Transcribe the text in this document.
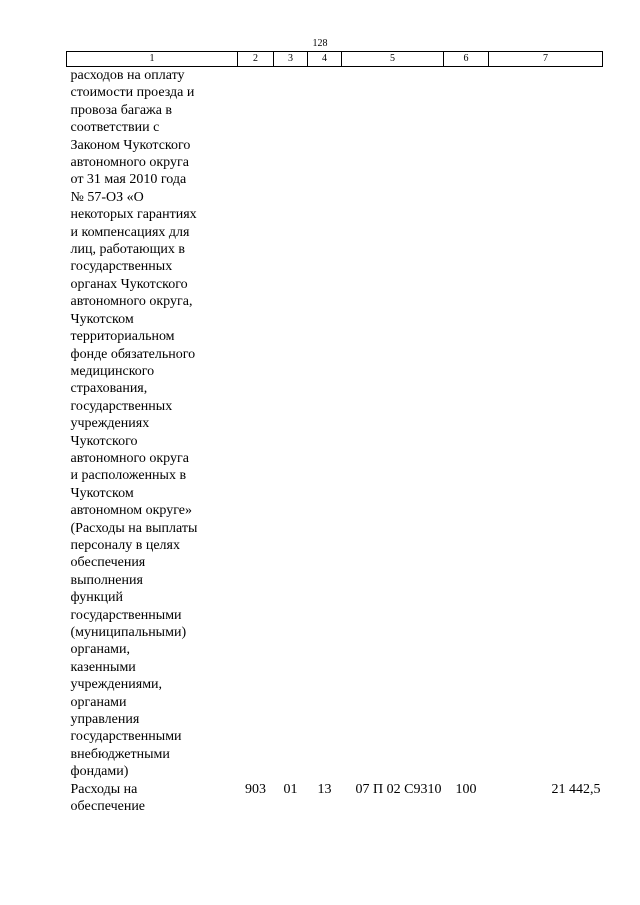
128
1	2	3	4	5	6	7

расходов на оплату стоимости проезда и провоза багажа в соответствии с Законом Чукотского автономного округа от 31 мая 2010 года № 57-ОЗ «О некоторых гарантиях и компенсациях для лиц, работающих в государственных органах Чукотского автономного округа, Чукотском территориальном фонде обязательного медицинского страхования, государственных учреждениях Чукотского автономного округа и расположенных в Чукотском автономном округе» (Расходы на выплаты персоналу в целях обеспечения выполнения функций государственными (муниципальными) органами, казенными учреждениями, органами управления государственными внебюджетными фондами)						

Расходы на обеспечение	903	01	13	07 П 02 С9310	100	21 442,5
